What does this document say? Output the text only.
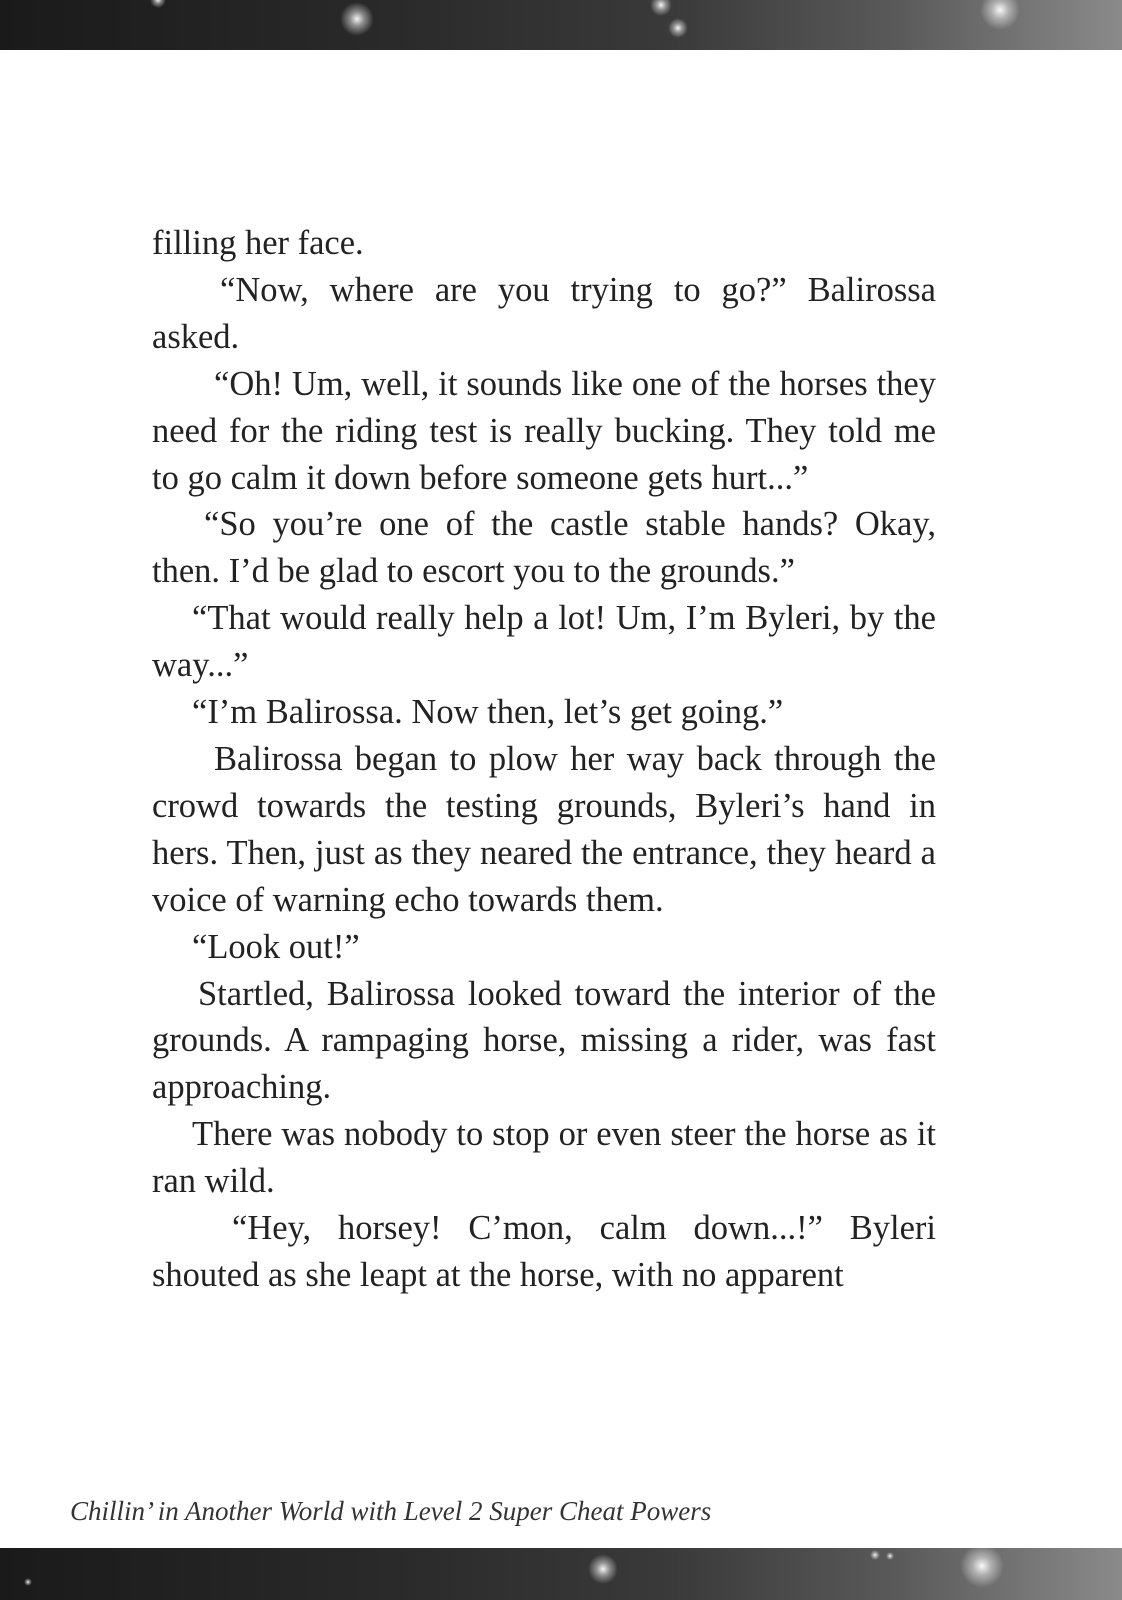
filling her face.

“Now, where are you trying to go?” Balirossa asked.

“Oh! Um, well, it sounds like one of the horses they need for the riding test is really bucking. They told me to go calm it down before someone gets hurt...”

“So you’re one of the castle stable hands? Okay, then. I’d be glad to escort you to the grounds.”

“That would really help a lot! Um, I’m Byleri, by the way...”

“I’m Balirossa. Now then, let’s get going.”

Balirossa began to plow her way back through the crowd towards the testing grounds, Byleri’s hand in hers. Then, just as they neared the entrance, they heard a voice of warning echo towards them.

“Look out!”

Startled, Balirossa looked toward the interior of the grounds. A rampaging horse, missing a rider, was fast approaching.

There was nobody to stop or even steer the horse as it ran wild.

“Hey, horsey! C’mon, calm down...!” Byleri shouted as she leapt at the horse, with no apparent

Chillin’ in Another World with Level 2 Super Cheat Powers
